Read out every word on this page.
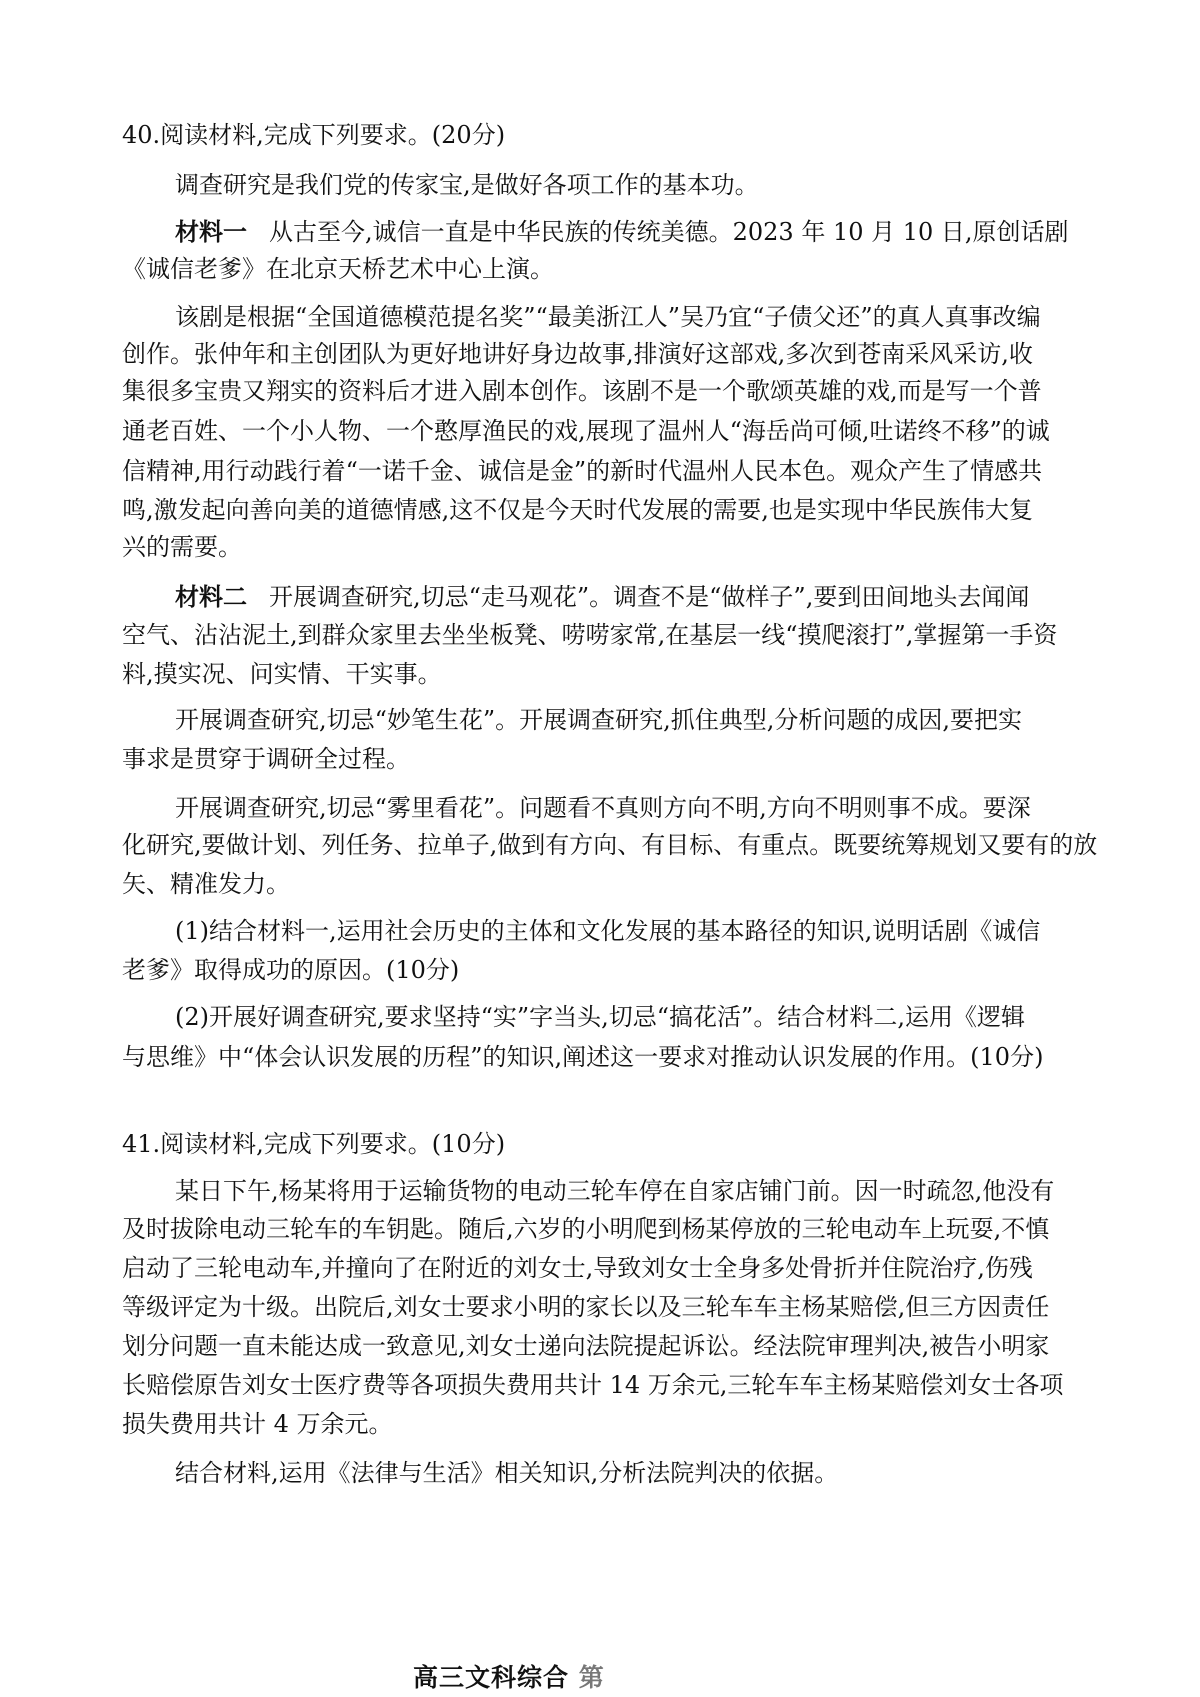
40.阅读材料,完成下列要求。(20分)
调查研究是我们党的传家宝,是做好各项工作的基本功。
材料一 从古至今,诚信一直是中华民族的传统美德。2023 年 10 月 10 日,原创话剧
《诚信老爹》在北京天桥艺术中心上演。
该剧是根据“全国道德模范提名奖”“最美浙江人”吴乃宜“子债父还”的真人真事改编
创作。张仲年和主创团队为更好地讲好身边故事,排演好这部戏,多次到苍南采风采访,收
集很多宝贵又翔实的资料后才进入剧本创作。该剧不是一个歌颂英雄的戏,而是写一个普
通老百姓、一个小人物、一个憨厚渔民的戏,展现了温州人“海岳尚可倾,吐诺终不移”的诚
信精神,用行动践行着“一诺千金、诚信是金”的新时代温州人民本色。观众产生了情感共
鸣,激发起向善向美的道德情感,这不仅是今天时代发展的需要,也是实现中华民族伟大复
兴的需要。
材料二 开展调查研究,切忌“走马观花”。调查不是“做样子”,要到田间地头去闻闻
空气、沾沾泥土,到群众家里去坐坐板凳、唠唠家常,在基层一线“摸爬滚打”,掌握第一手资
料,摸实况、问实情、干实事。
开展调查研究,切忌“妙笔生花”。开展调查研究,抓住典型,分析问题的成因,要把实
事求是贯穿于调研全过程。
开展调查研究,切忌“雾里看花”。问题看不真则方向不明,方向不明则事不成。要深
化研究,要做计划、列任务、拉单子,做到有方向、有目标、有重点。既要统筹规划又要有的放
矢、精准发力。
(1)结合材料一,运用社会历史的主体和文化发展的基本路径的知识,说明话剧《诚信
老爹》取得成功的原因。(10分)
(2)开展好调查研究,要求坚持“实”字当头,切忌“搞花活”。结合材料二,运用《逻辑
与思维》中“体会认识发展的历程”的知识,阐述这一要求对推动认识发展的作用。(10分)
41.阅读材料,完成下列要求。(10分)
某日下午,杨某将用于运输货物的电动三轮车停在自家店铺门前。因一时疏忽,他没有
及时拔除电动三轮车的车钥匙。随后,六岁的小明爬到杨某停放的三轮电动车上玩耍,不慎
启动了三轮电动车,并撞向了在附近的刘女士,导致刘女士全身多处骨折并住院治疗,伤残
等级评定为十级。出院后,刘女士要求小明的家长以及三轮车车主杨某赔偿,但三方因责任
划分问题一直未能达成一致意见,刘女士递向法院提起诉讼。经法院审理判决,被告小明家
长赔偿原告刘女士医疗费等各项损失费用共计 14 万余元,三轮车车主杨某赔偿刘女士各项
损失费用共计 4 万余元。
结合材料,运用《法律与生活》相关知识,分析法院判决的依据。
高三文科综合 第
